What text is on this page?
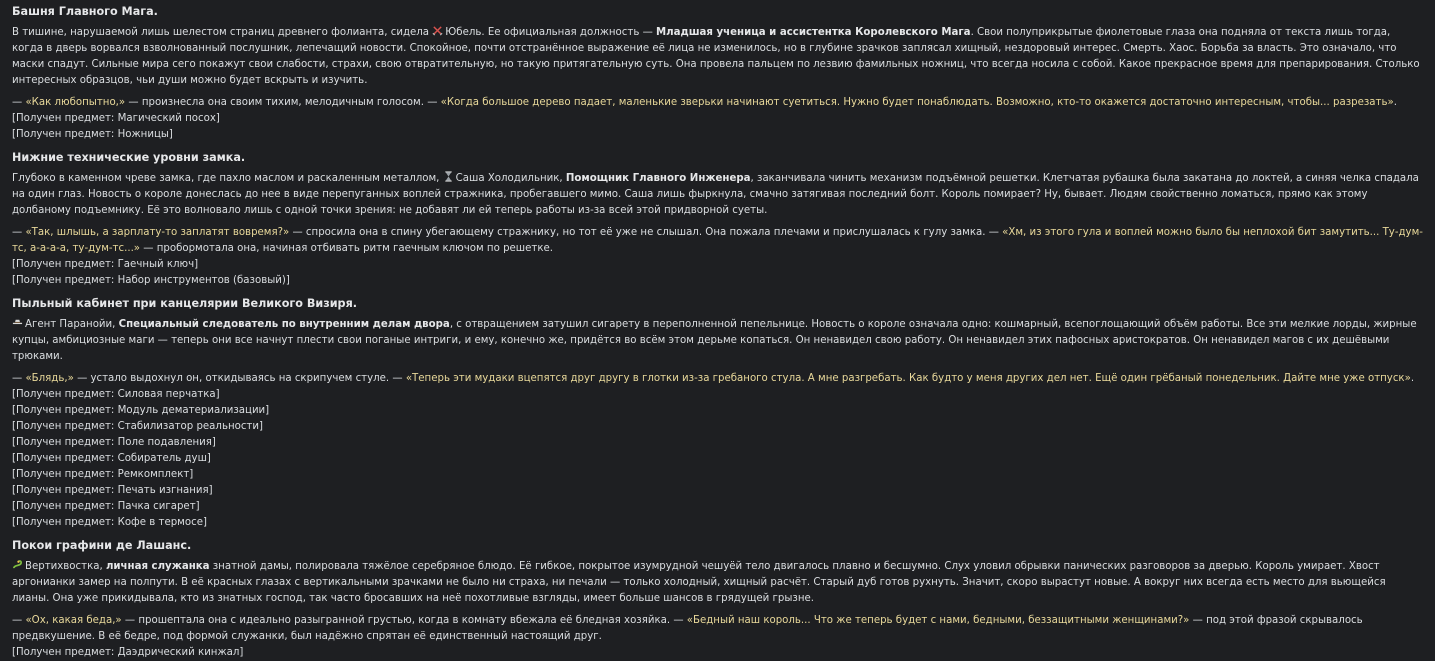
Башня Главного Мага.
В тишине, нарушаемой лишь шелестом страниц древнего фолианта, сидела
Юбель. Ее официальная должность — Младшая ученица и ассистентка Королевского Мага. Свои полуприкрытые фиолетовые глаза она подняла от текста лишь тогда, когда в дверь ворвался взволнованный послушник, лепечащий новости. Спокойное, почти отстранённое выражение её лица не изменилось, но в глубине зрачков заплясал хищный, нездоровый интерес. Смерть. Хаос. Борьба за власть. Это означало, что маски спадут. Сильные мира сего покажут свои слабости, страхи, свою отвратительную, но такую притягательную суть. Она провела пальцем по лезвию фамильных ножниц, что всегда носила с собой. Какое прекрасное время для препарирования. Столько интересных образцов, чьи души можно будет вскрыть и изучить.
— «Как любопытно,» — произнесла она своим тихим, мелодичным голосом. — «Когда большое дерево падает, маленькие зверьки начинают суетиться. Нужно будет понаблюдать. Возможно, кто-то окажется достаточно интересным, чтобы... разрезать».
[Получен предмет: Магический посох]
[Получен предмет: Ножницы]
Нижние технические уровни замка.
Глубоко в каменном чреве замка, где пахло маслом и раскаленным металлом,
Саша Холодильник, Помощник Главного Инженера, заканчивала чинить механизм подъёмной решетки. Клетчатая рубашка была закатана до локтей, а синяя челка спадала на один глаз. Новость о короле донеслась до нее в виде перепуганных воплей стражника, пробегавшего мимо. Саша лишь фыркнула, смачно затягивая последний болт. Король помирает? Ну, бывает. Людям свойственно ломаться, прямо как этому долбаному подъемнику. Её это волновало лишь с одной точки зрения: не добавят ли ей теперь работы из-за всей этой придворной суеты.
— «Так, шлышь, а зарплату-то заплатят вовремя?» — спросила она в спину убегающему стражнику, но тот её уже не слышал. Она пожала плечами и прислушалась к гулу замка. — «Хм, из этого гула и воплей можно было бы неплохой бит замутить... Ту-дум-тс, а-а-а-а, ту-дум-тс...» — пробормотала она, начиная отбивать ритм гаечным ключом по решетке.
[Получен предмет: Гаечный ключ]
[Получен предмет: Набор инструментов (базовый)]
Пыльный кабинет при канцелярии Великого Визиря.
Агент Паранойи, Специальный следователь по внутренним делам двора, с отвращением затушил сигарету в переполненной пепельнице. Новость о короле означала одно: кошмарный, всепоглощающий объём работы. Все эти мелкие лорды, жирные купцы, амбициозные маги — теперь они все начнут плести свои поганые интриги, и ему, конечно же, придётся во всём этом дерьме копаться. Он ненавидел свою работу. Он ненавидел этих пафосных аристократов. Он ненавидел магов с их дешёвыми трюками.
— «Блядь,» — устало выдохнул он, откидываясь на скрипучем стуле. — «Теперь эти мудаки вцепятся друг другу в глотки из-за гребаного стула. А мне разгребать. Как будто у меня других дел нет. Ещё один грёбаный понедельник. Дайте мне уже отпуск».
[Получен предмет: Силовая перчатка]
[Получен предмет: Модуль дематериализации]
[Получен предмет: Стабилизатор реальности]
[Получен предмет: Поле подавления]
[Получен предмет: Собиратель душ]
[Получен предмет: Ремкомплект]
[Получен предмет: Печать изгнания]
[Получен предмет: Пачка сигарет]
[Получен предмет: Кофе в термосе]
Покои графини де Лашанс.
Вертихвостка, личная служанка знатной дамы, полировала тяжёлое серебряное блюдо. Её гибкое, покрытое изумрудной чешуёй тело двигалось плавно и бесшумно. Слух уловил обрывки панических разговоров за дверью. Король умирает. Хвост аргонианки замер на полпути. В её красных глазах с вертикальными зрачками не было ни страха, ни печали — только холодный, хищный расчёт. Старый дуб готов рухнуть. Значит, скоро вырастут новые. А вокруг них всегда есть место для вьющейся лианы. Она уже прикидывала, кто из знатных господ, так часто бросавших на неё похотливые взгляды, имеет больше шансов в грядущей грызне.
— «Ох, какая беда,» — прошептала она с идеально разыгранной грустью, когда в комнату вбежала её бледная хозяйка. — «Бедный наш король... Что же теперь будет с нами, бедными, беззащитными женщинами?» — под этой фразой скрывалось предвкушение. В её бедре, под формой служанки, был надёжно спрятан её единственный настоящий друг.
[Получен предмет: Даэдрический кинжал]
